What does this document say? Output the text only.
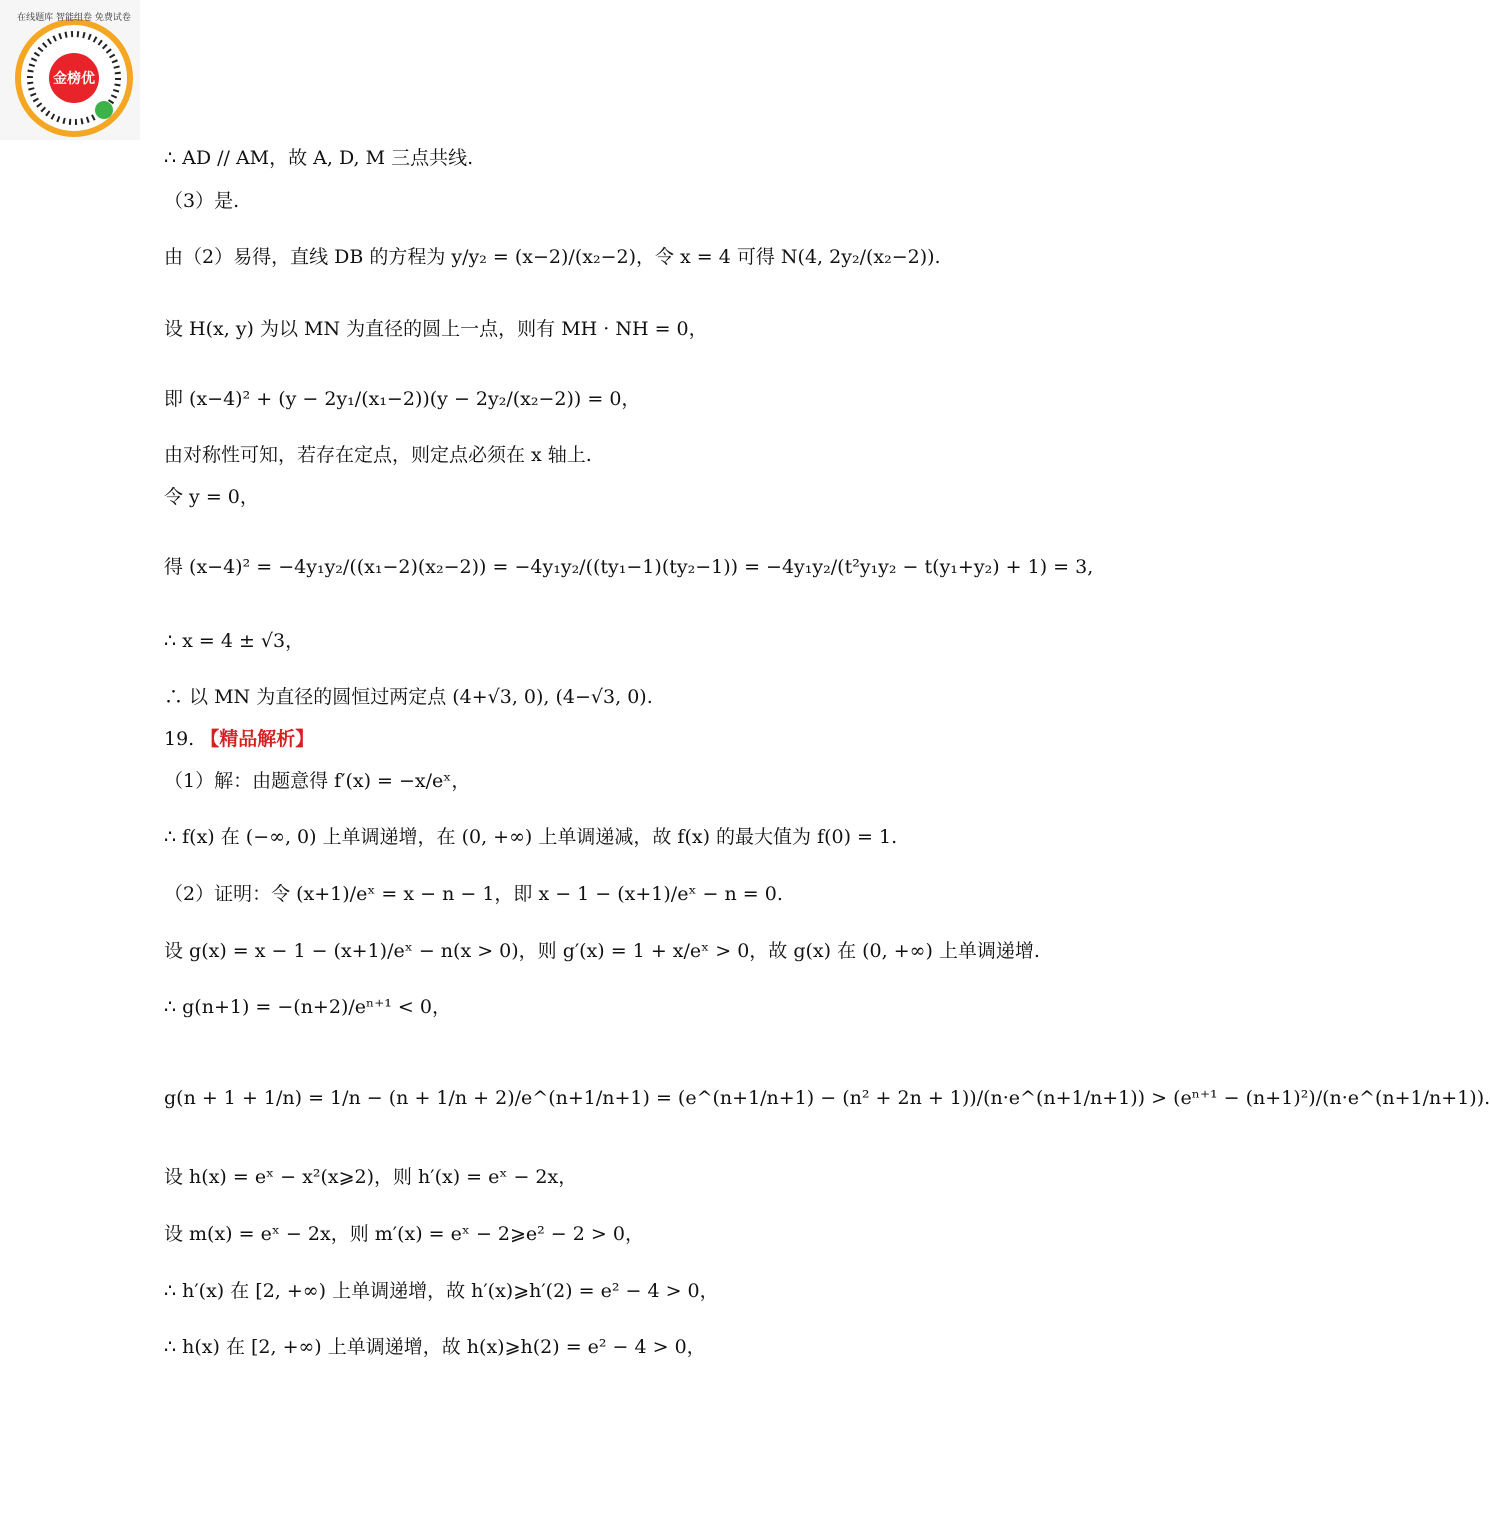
金榜优
在线题库 智能组卷 免费试卷
∴ AD // AM，故 A, D, M 三点共线.
（3）是.
由（2）易得，直线 DB 的方程为 y/y₂ = (x−2)/(x₂−2)，令 x = 4 可得 N(4, 2y₂/(x₂−2)).
设 H(x, y) 为以 MN 为直径的圆上一点，则有 MH · NH = 0，
即 (x−4)² + (y − 2y₁/(x₁−2))(y − 2y₂/(x₂−2)) = 0，
由对称性可知，若存在定点，则定点必须在 x 轴上.
令 y = 0，
得 (x−4)² = −4y₁y₂/((x₁−2)(x₂−2)) = −4y₁y₂/((ty₁−1)(ty₂−1)) = −4y₁y₂/(t²y₁y₂ − t(y₁+y₂) + 1) = 3,
∴ x = 4 ± √3，
∴ 以 MN 为直径的圆恒过两定点 (4+√3, 0), (4−√3, 0).
19. 【精品解析】
（1）解：由题意得 f′(x) = −x/eˣ，
∴ f(x) 在 (−∞, 0) 上单调递增，在 (0, +∞) 上单调递减，故 f(x) 的最大值为 f(0) = 1.
（2）证明：令 (x+1)/eˣ = x − n − 1，即 x − 1 − (x+1)/eˣ − n = 0.
设 g(x) = x − 1 − (x+1)/eˣ − n(x > 0)，则 g′(x) = 1 + x/eˣ > 0，故 g(x) 在 (0, +∞) 上单调递增.
∴ g(n+1) = −(n+2)/eⁿ⁺¹ < 0，
g(n + 1 + 1/n) = 1/n − (n + 1/n + 2)/e^(n+1/n+1) = (e^(n+1/n+1) − (n² + 2n + 1))/(n·e^(n+1/n+1)) > (eⁿ⁺¹ − (n+1)²)/(n·e^(n+1/n+1)).
设 h(x) = eˣ − x²(x⩾2)，则 h′(x) = eˣ − 2x，
设 m(x) = eˣ − 2x，则 m′(x) = eˣ − 2⩾e² − 2 > 0，
∴ h′(x) 在 [2, +∞) 上单调递增，故 h′(x)⩾h′(2) = e² − 4 > 0，
∴ h(x) 在 [2, +∞) 上单调递增，故 h(x)⩾h(2) = e² − 4 > 0，
